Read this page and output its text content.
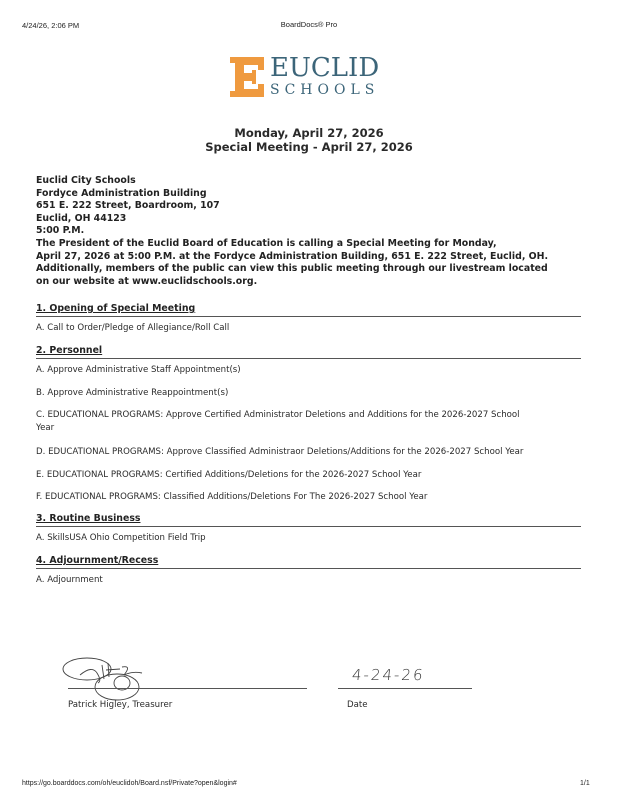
4/24/26, 2:06 PM	BoardDocs® Pro
EUCLID
SCHOOLS
Monday, April 27, 2026
Special Meeting - April 27, 2026
Euclid City Schools
Fordyce Administration Building
651 E. 222 Street, Boardroom, 107
Euclid, OH 44123
5:00 P.M.
The President of the Euclid Board of Education is calling a Special Meeting for Monday,
April 27, 2026 at 5:00 P.M. at the Fordyce Administration Building, 651 E. 222 Street, Euclid, OH.
Additionally, members of the public can view this public meeting through our livestream located
on our website at www.euclidschools.org.
1. Opening of Special Meeting
A. Call to Order/Pledge of Allegiance/Roll Call
2. Personnel
A. Approve Administrative Staff Appointment(s)
B. Approve Administrative Reappointment(s)
C. EDUCATIONAL PROGRAMS: Approve Certified Administrator Deletions and Additions for the 2026-2027 School
Year
D. EDUCATIONAL PROGRAMS: Approve Classified Administraor Deletions/Additions for the 2026-2027 School Year
E. EDUCATIONAL PROGRAMS: Certified Additions/Deletions for the 2026-2027 School Year
F. EDUCATIONAL PROGRAMS: Classified Additions/Deletions For The 2026-2027 School Year
3. Routine Business
A. SkillsUSA Ohio Competition Field Trip
4. Adjournment/Recess
A. Adjournment
Patrick Higley, Treasurer
4-24-26
Date
https://go.boarddocs.com/oh/euclidoh/Board.nsf/Private?open&login#	1/1
